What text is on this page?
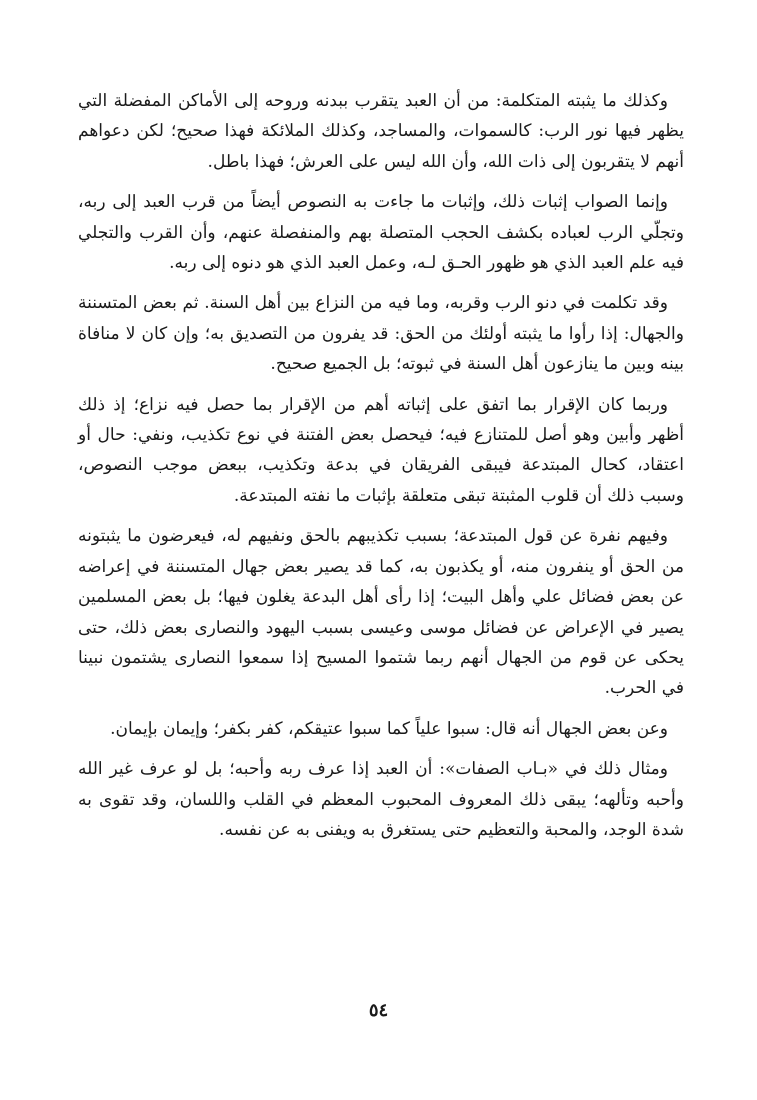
وكذلك ما يثبته المتكلمة: من أن العبد يتقرب ببدنه وروحه إلى الأماكن المفضلة التي يظهر فيها نور الرب: كالسموات، والمساجد، وكذلك الملائكة فهذا صحيح؛ لكن دعواهم أنهم لا يتقربون إلى ذات الله، وأن الله ليس على العرش؛ فهذا باطل.

وإنما الصواب إثبات ذلك، وإثبات ما جاءت به النصوص أيضاً من قرب العبد إلى ربه، وتجلّي الرب لعباده بكشف الحجب المتصلة بهم والمنفصلة عنهم، وأن القرب والتجلي فيه علم العبد الذي هو ظهور الحـق لـه، وعمل العبد الذي هو دنوه إلى ربه.

وقد تكلمت في دنو الرب وقربه، وما فيه من النزاع بين أهل السنة. ثم بعض المتسننة والجهال: إذا رأوا ما يثبته أولئك من الحق: قد يفرون من التصديق به؛ وإن كان لا منافاة بينه وبين ما ينازعون أهل السنة في ثبوته؛ بل الجميع صحيح.

وربما كان الإقرار بما اتفق على إثباته أهم من الإقرار بما حصل فيه نزاع؛ إذ ذلك أظهر وأبين وهو أصل للمتنازع فيه؛ فيحصل بعض الفتنة في نوع تكذيب، ونفي: حال أو اعتقاد، كحال المبتدعة فيبقى الفريقان في بدعة وتكذيب، ببعض موجب النصوص، وسبب ذلك أن قلوب المثبتة تبقى متعلقة بإثبات ما نفته المبتدعة.

وفيهم نفرة عن قول المبتدعة؛ بسبب تكذيبهم بالحق ونفيهم له، فيعرضون ما يثبتونه من الحق أو ينفرون منه، أو يكذبون به، كما قد يصير بعض جهال المتسننة في إعراضه عن بعض فضائل علي وأهل البيت؛ إذا رأى أهل البدعة يغلون فيها؛ بل بعض المسلمين يصير في الإعراض عن فضائل موسى وعيسى بسبب اليهود والنصارى بعض ذلك، حتى يحكى عن قوم من الجهال أنهم ربما شتموا المسيح إذا سمعوا النصارى يشتمون نبينا في الحرب.

وعن بعض الجهال أنه قال: سبوا علياً كما سبوا عتيقكم، كفر بكفر؛ وإيمان بإيمان.

ومثال ذلك في «بـاب الصفات»: أن العبد إذا عرف ربه وأحبه؛ بل لو عرف غير الله وأحبه وتألهه؛ يبقى ذلك المعروف المحبوب المعظم في القلب واللسان، وقد تقوى به شدة الوجد، والمحبة والتعظيم حتى يستغرق به ويفنى به عن نفسه.

٥٤
